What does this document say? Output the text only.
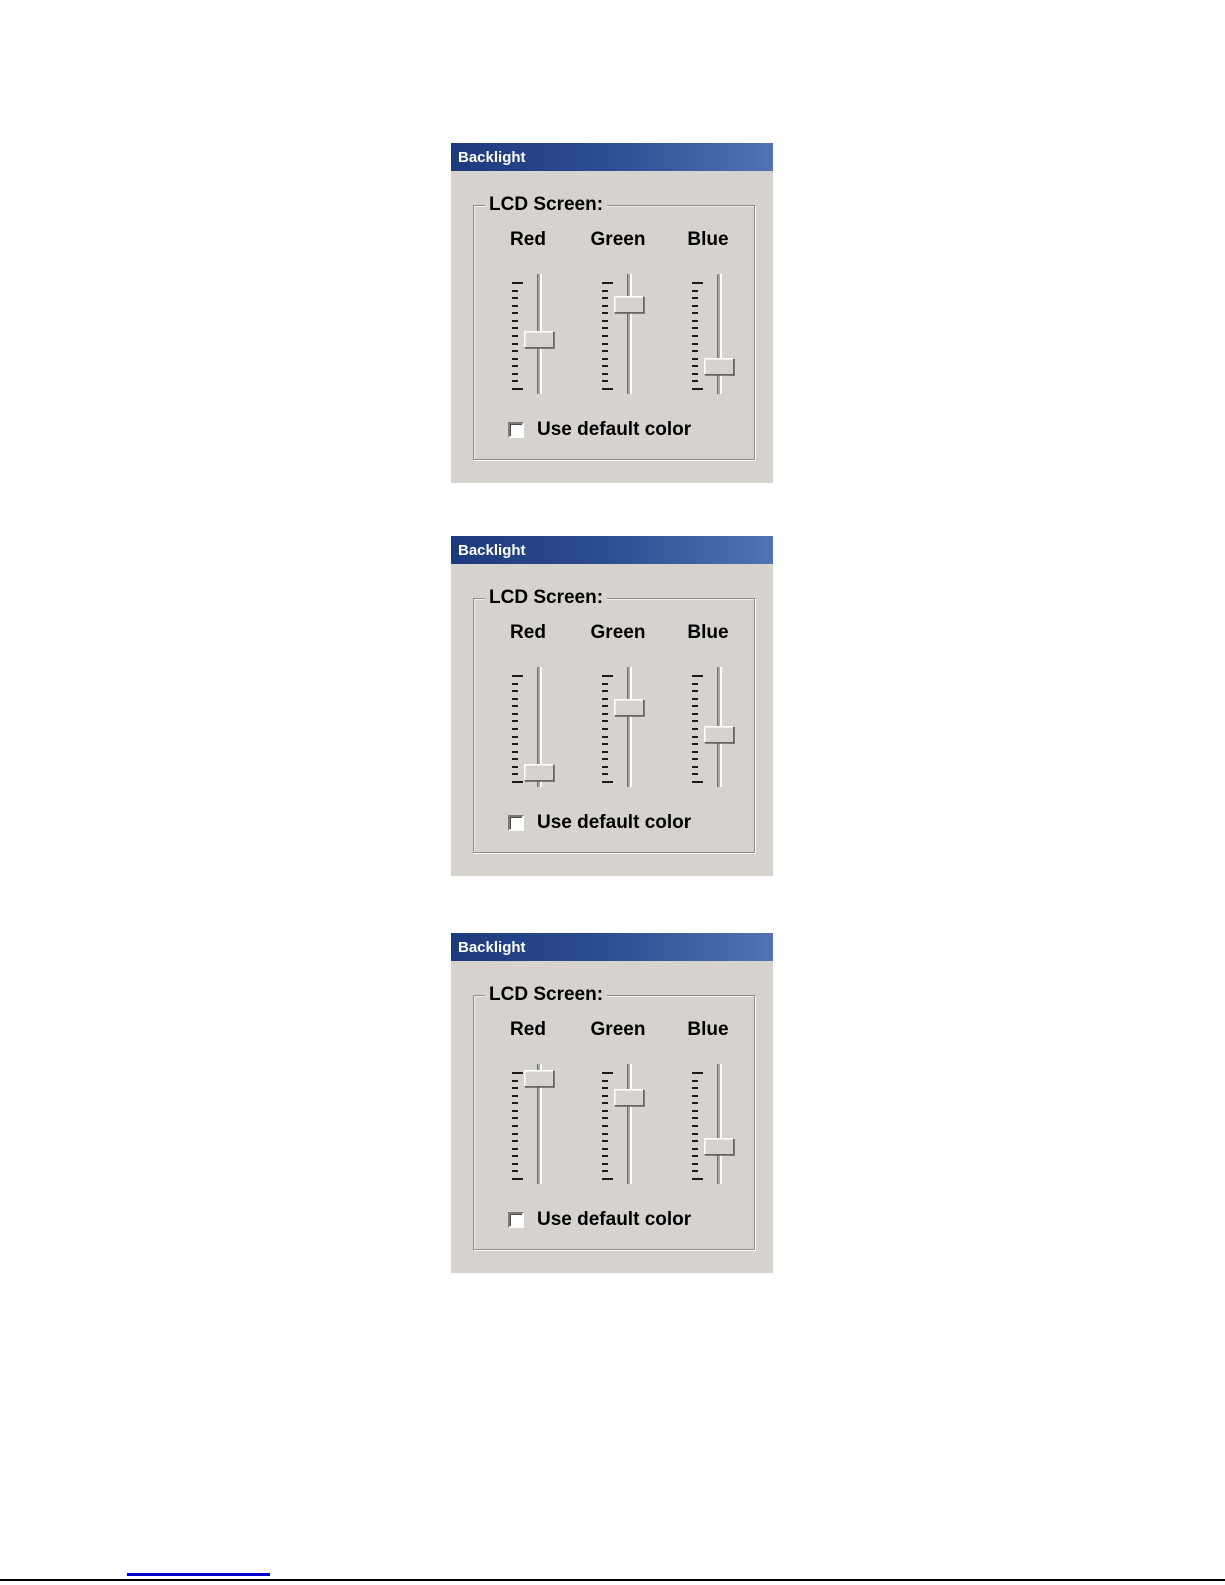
Backlight
LCD Screen:
Red	Green	Blue
Use default color
Backlight
LCD Screen:
Red	Green	Blue
Use default color
Backlight
LCD Screen:
Red	Green	Blue
Use default color
